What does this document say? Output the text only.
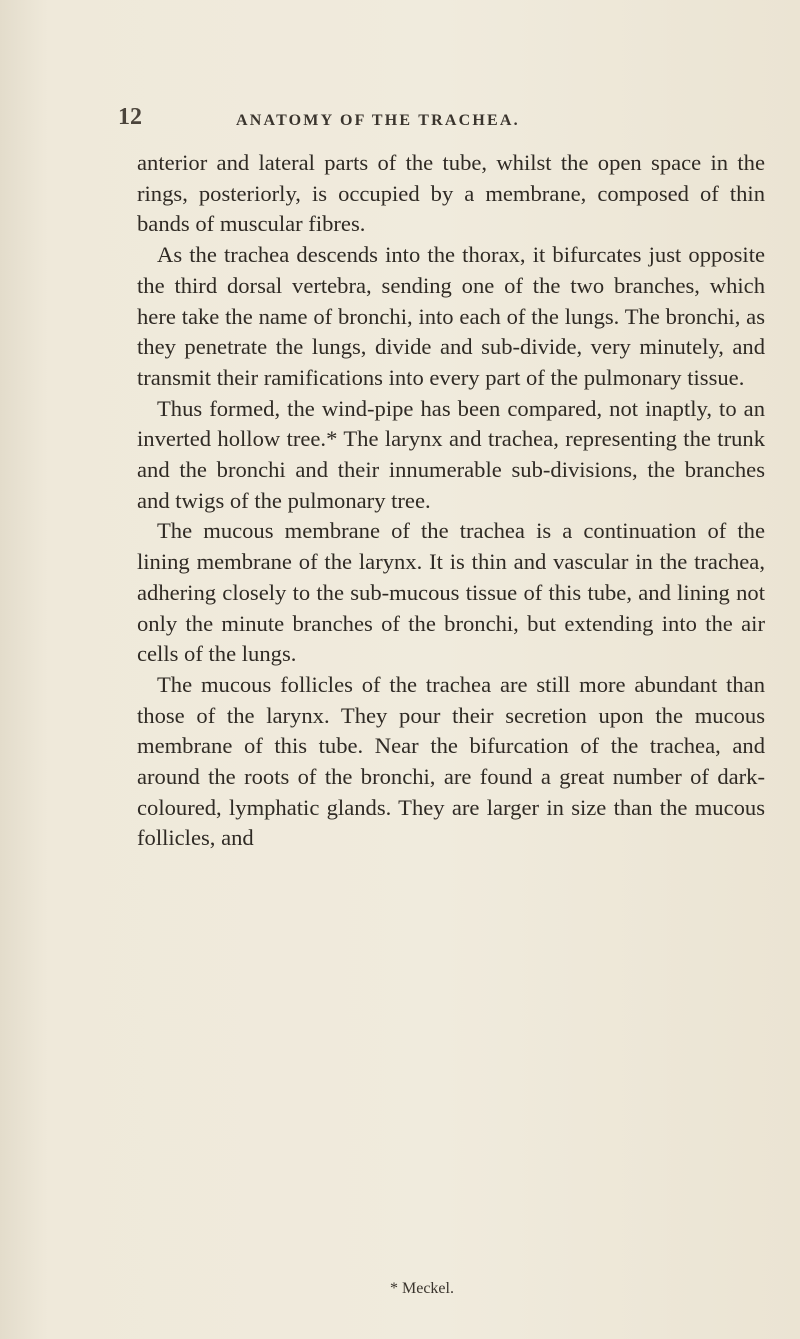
12	ANATOMY OF THE TRACHEA.

anterior and lateral parts of the tube, whilst the open space in the rings, posteriorly, is occupied by a membrane, composed of thin bands of muscular fibres.

As the trachea descends into the thorax, it bifurcates just opposite the third dorsal vertebra, sending one of the two branches, which here take the name of bronchi, into each of the lungs. The bronchi, as they penetrate the lungs, divide and sub-divide, very minutely, and transmit their ramifications into every part of the pulmonary tissue.

Thus formed, the wind-pipe has been compared, not inaptly, to an inverted hollow tree.* The larynx and trachea, representing the trunk and the bronchi and their innumerable sub-divisions, the branches and twigs of the pulmonary tree.

The mucous membrane of the trachea is a continuation of the lining membrane of the larynx. It is thin and vascular in the trachea, adhering closely to the sub-mucous tissue of this tube, and lining not only the minute branches of the bronchi, but extending into the air cells of the lungs.

The mucous follicles of the trachea are still more abundant than those of the larynx. They pour their secretion upon the mucous membrane of this tube. Near the bifurcation of the trachea, and around the roots of the bronchi, are found a great number of dark-coloured, lymphatic glands. They are larger in size than the mucous follicles, and

* Meckel.
